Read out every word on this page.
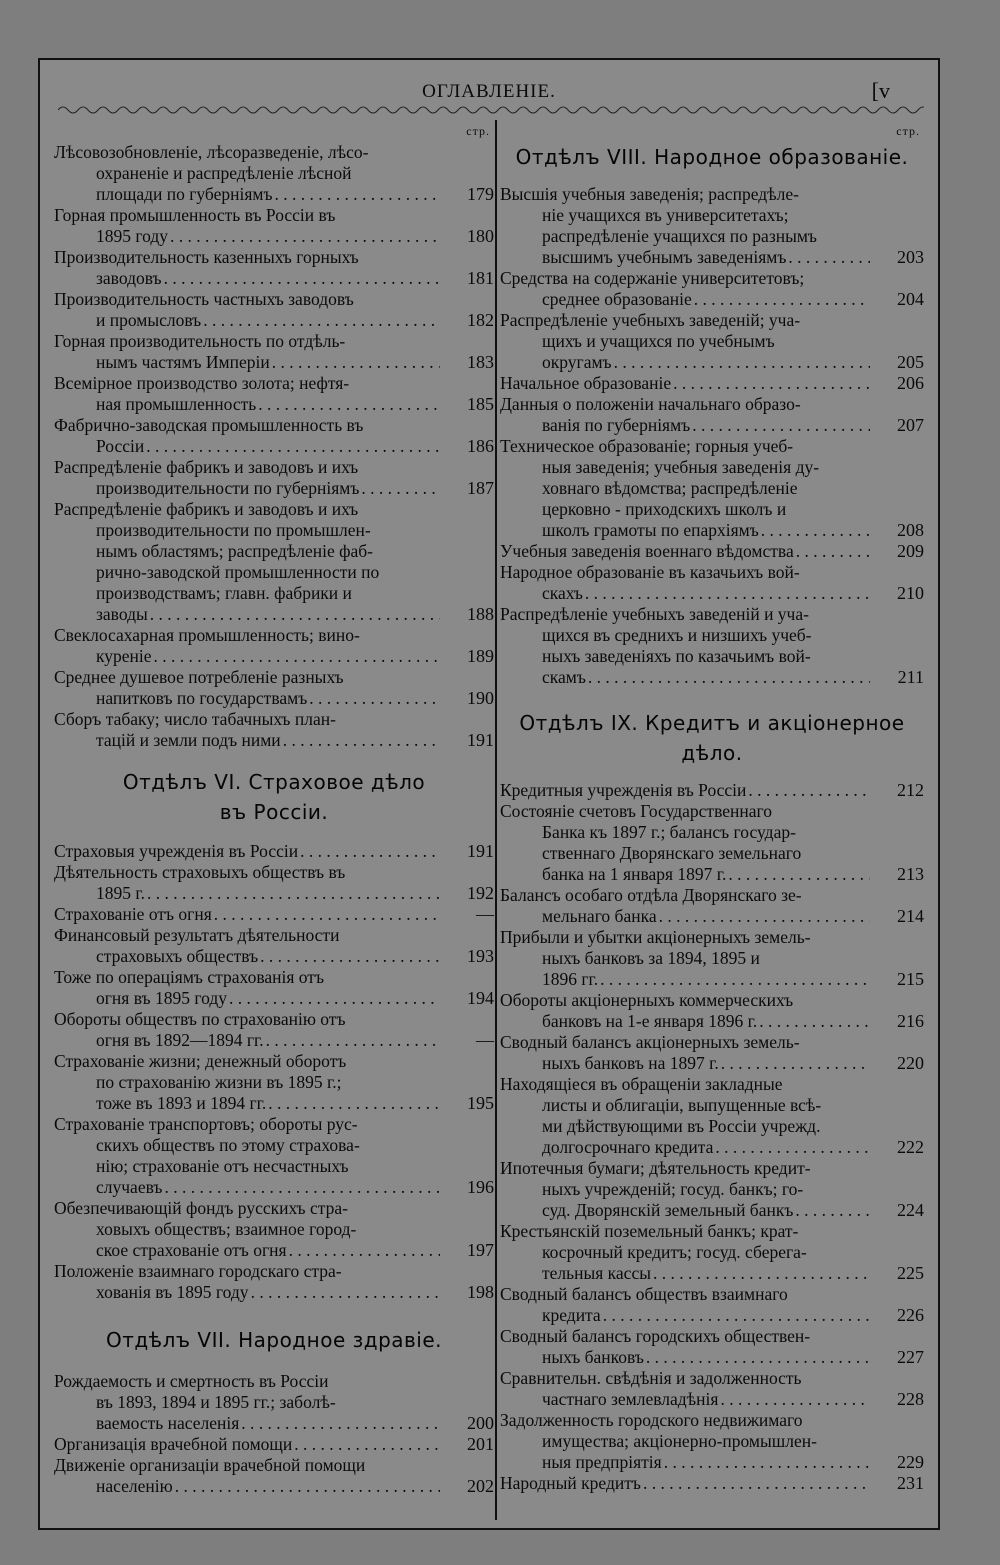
ОГЛАВЛЕНІЕ.	[v
стр.
Лѣсовозобновленіе, лѣсоразведеніе, лѣсо-
охраненіе и распредѣленіе лѣсной
площади по губерніямъ . . .	179
Горная промышленность въ Россіи въ
1895 году . . .	180
Производительность казенныхъ горныхъ
заводовъ . . .	181
Производительность частныхъ заводовъ
и промысловъ . . .	182
Горная производительность по отдѣль-
нымъ частямъ Имперіи . . .	183
Всемірное производство золота; нефтя-
ная промышленность . . .	185
Фабрично-заводская промышленность въ
Россіи . . .	186
Распредѣленіе фабрикъ и заводовъ и ихъ
производительности по губерніямъ . . .	187
Распредѣленіе фабрикъ и заводовъ и ихъ
производительности по промышлен-
нымъ областямъ; распредѣленіе фаб-
рично-заводской промышленности по
производствамъ; главн. фабрики и
заводы . . .	188
Свеклосахарная промышленность; вино-
куреніе . . .	189
Среднее душевое потребленіе разныхъ
напитковъ по государствамъ . . .	190
Сборъ табаку; число табачныхъ план-
тацій и земли подъ ними . . .	191
Отдѣлъ VI. Страховое дѣло
въ Россіи.
Страховыя учрежденія въ Россіи . . .	191
Дѣятельность страховыхъ обществъ въ
1895 г. . . .	192
Страхованіе отъ огня . . .	—
Финансовый результатъ дѣятельности
страховыхъ обществъ . . .	193
Тоже по операціямъ страхованія отъ
огня въ 1895 году . . .	194
Обороты обществъ по страхованію отъ
огня въ 1892—1894 гг. . . .	—
Страхованіе жизни; денежный оборотъ
по страхованію жизни въ 1895 г.;
тоже въ 1893 и 1894 гг. . . .	195
Страхованіе транспортовъ; обороты рус-
скихъ обществъ по этому страхова-
нію; страхованіе отъ несчастныхъ
случаевъ . . .	196
Обезпечивающій фондъ русскихъ стра-
ховыхъ обществъ; взаимное город-
ское страхованіе отъ огня . . .	197
Положеніе взаимнаго городскаго стра-
хованія въ 1895 году . . .	198
Отдѣлъ VII. Народное здравіе.
Рождаемость и смертность въ Россіи
въ 1893, 1894 и 1895 гг.; заболѣ-
ваемость населенія . . .	200
Организація врачебной помощи . . .	201
Движеніе организаціи врачебной помощи
населенію . . .	202
стр.
Отдѣлъ VIII. Народное образованіе.
Высшія учебныя заведенія; распредѣле-
ніе учащихся въ университетахъ;
распредѣленіе учащихся по разнымъ
высшимъ учебнымъ заведеніямъ . . .	203
Средства на содержаніе университетовъ;
среднее образованіе . . .	204
Распредѣленіе учебныхъ заведеній; уча-
щихъ и учащихся по учебнымъ
округамъ . . .	205
Начальное образованіе . . .	206
Данныя о положеніи начальнаго образо-
ванія по губерніямъ . . .	207
Техническое образованіе; горныя учеб-
ныя заведенія; учебныя заведенія ду-
ховнаго вѣдомства; распредѣленіе
церковно - приходскихъ школъ и
школъ грамоты по епархіямъ . . .	208
Учебныя заведенія военнаго вѣдомства . . .	209
Народное образованіе въ казачьихъ вой-
скахъ . . .	210
Распредѣленіе учебныхъ заведеній и уча-
щихся въ среднихъ и низшихъ учеб-
ныхъ заведеніяхъ по казачьимъ вой-
скамъ . . .	211
Отдѣлъ IX. Кредитъ и акціонерное
дѣло.
Кредитныя учрежденія въ Россіи . . .	212
Состояніе счетовъ Государственнаго
Банка къ 1897 г.; балансъ государ-
ственнаго Дворянскаго земельнаго
банка на 1 января 1897 г. . . .	213
Балансъ особаго отдѣла Дворянскаго зе-
мельнаго банка . . .	214
Прибыли и убытки акціонерныхъ земель-
ныхъ банковъ за 1894, 1895 и
1896 гг. . . .	215
Обороты акціонерныхъ коммерческихъ
банковъ на 1-е января 1896 г. . . .	216
Сводный балансъ акціонерныхъ земель-
ныхъ банковъ на 1897 г. . . .	220
Находящіеся въ обращеніи закладные
листы и облигаціи, выпущенные всѣ-
ми дѣйствующими въ Россіи учрежд.
долгосрочнаго кредита . . .	222
Ипотечныя бумаги; дѣятельность кредит-
ныхъ учрежденій; госуд. банкъ; го-
суд. Дворянскій земельный банкъ . . .	224
Крестьянскій поземельный банкъ; крат-
косрочный кредитъ; госуд. сберега-
тельныя кассы . . .	225
Сводный балансъ обществъ взаимнаго
кредита . . .	226
Сводный балансъ городскихъ обществен-
ныхъ банковъ . . .	227
Сравнительн. свѣдѣнія и задолженность
частнаго землевладѣнія . . .	228
Задолженность городского недвижимаго
имущества; акціонерно-промышлен-
ныя предпріятія . . .	229
Народный кредитъ . . .	231
